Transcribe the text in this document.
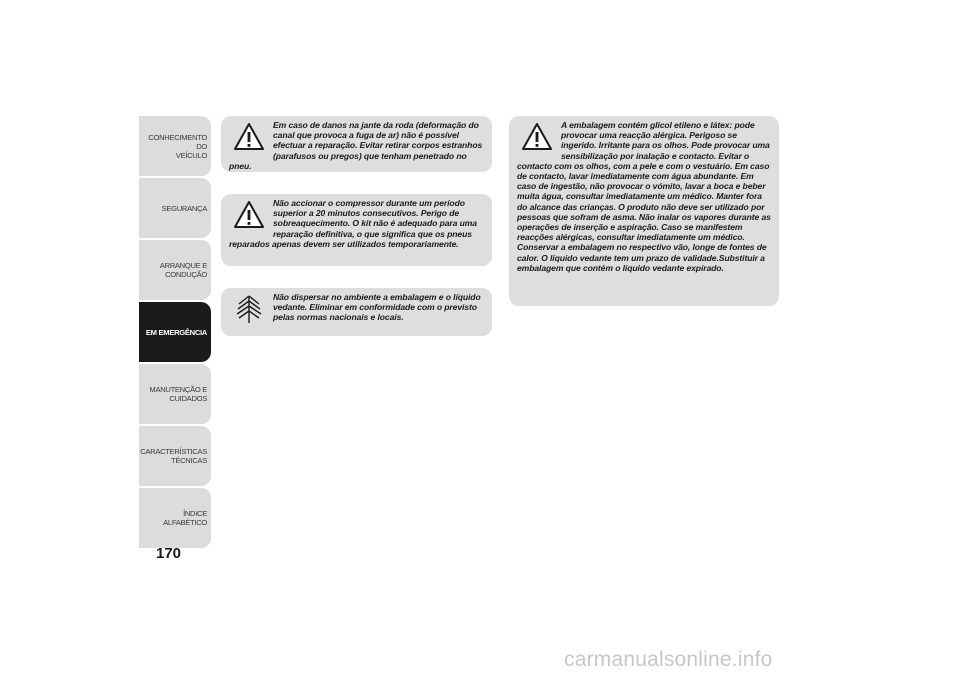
CONHECIMENTO DO
VEÍCULO
SEGURANÇA
ARRANQUE E
CONDUÇÃO
EM EMERGÊNCIA
MANUTENÇÃO E
CUIDADOS
CARACTERÍSTICAS
TÉCNICAS
ÍNDICE ALFABÉTICO
170
Em caso de danos na jante da roda (deformação do canal que provoca a fuga de ar) não é possível efectuar a reparação. Evitar retirar corpos estranhos (parafusos ou pregos) que tenham penetrado no pneu.
Não accionar o compressor durante um período superior a 20 minutos consecutivos. Perigo de sobreaquecimento. O kit não é adequado para uma reparação definitiva, o que significa que os pneus reparados apenas devem ser utilizados temporariamente.
Não dispersar no ambiente a embalagem e o líquido vedante. Eliminar em conformidade com o previsto pelas normas nacionais e locais.
A embalagem contém glicol etileno e látex: pode provocar uma reacção alérgica. Perigoso se ingerido. Irritante para os olhos. Pode provocar uma sensibilização por inalação e contacto. Evitar o contacto com os olhos, com a pele e com o vestuário. Em caso de contacto, lavar imediatamente com água abundante. Em caso de ingestão, não provocar o vómito, lavar a boca e beber muita água, consultar imediatamente um médico. Manter fora do alcance das crianças. O produto não deve ser utilizado por pessoas que sofram de asma. Não inalar os vapores durante as operações de inserção e aspiração. Caso se manifestem reacções alérgicas, consultar imediatamente um médico. Conservar a embalagem no respectivo vão, longe de fontes de calor. O líquido vedante tem um prazo de validade.Substituir a embalagem que contém o líquido vedante expirado.
carmanualsonline.info
